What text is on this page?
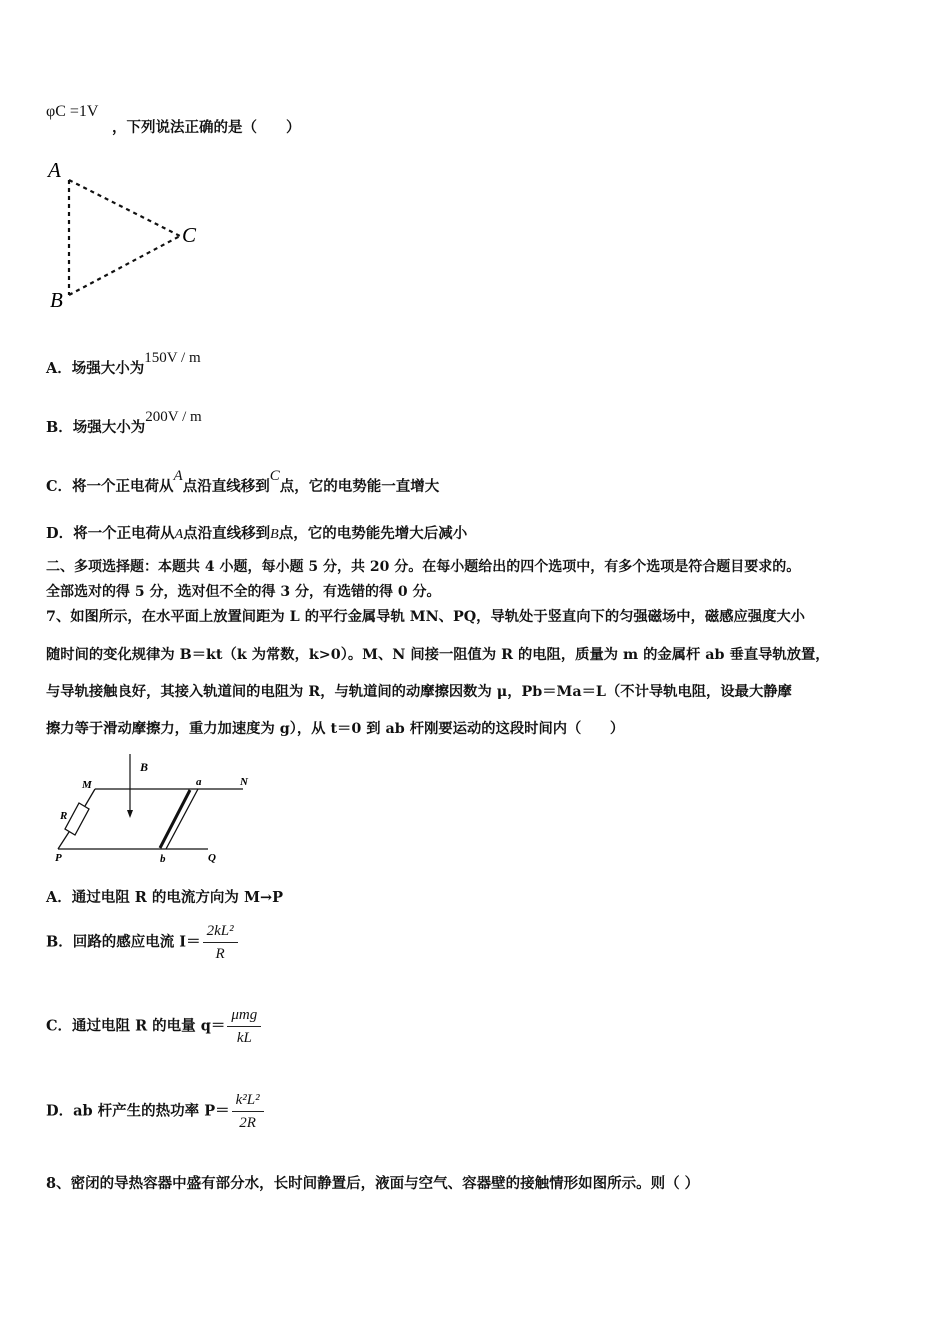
φC =1V
，下列说法正确的是（　　）
A
B
C
A．场强大小为150V / m
B．场强大小为200V / m
C．将一个正电荷从A点沿直线移到C点，它的电势能一直增大
D．将一个正电荷从A点沿直线移到B点，它的电势能先增大后减小
二、多项选择题：本题共 4 小题，每小题 5 分，共 20 分。在每小题给出的四个选项中，有多个选项是符合题目要求的。
全部选对的得 5 分，选对但不全的得 3 分，有选错的得 0 分。
7、如图所示，在水平面上放置间距为 L 的平行金属导轨 MN、PQ，导轨处于竖直向下的匀强磁场中，磁感应强度大小
随时间的变化规律为 B＝kt（k 为常数，k>0）。M、N 间接一阻值为 R 的电阻，质量为 m 的金属杆 ab 垂直导轨放置，
与导轨接触良好，其接入轨道间的电阻为 R，与轨道间的动摩擦因数为 μ，Pb＝Ma＝L（不计导轨电阻，设最大静摩
擦力等于滑动摩擦力，重力加速度为 g），从 t＝0 到 ab 杆刚要运动的这段时间内（　　）
B
M	a	N
R
P	b	Q
A．通过电阻 R 的电流方向为 M→P
B．回路的感应电流 $I= \frac{\text{2kL²}}{R}$
C．通过电阻 R 的电量 $q= \frac{\text{μmg}}{kL}$
D．ab 杆产生的热功率 $P= \frac{\text{k²L²}}{2R}$
8、密闭的导热容器中盛有部分水，长时间静置后，液面与空气、容器壁的接触情形如图所示。则（ ）
